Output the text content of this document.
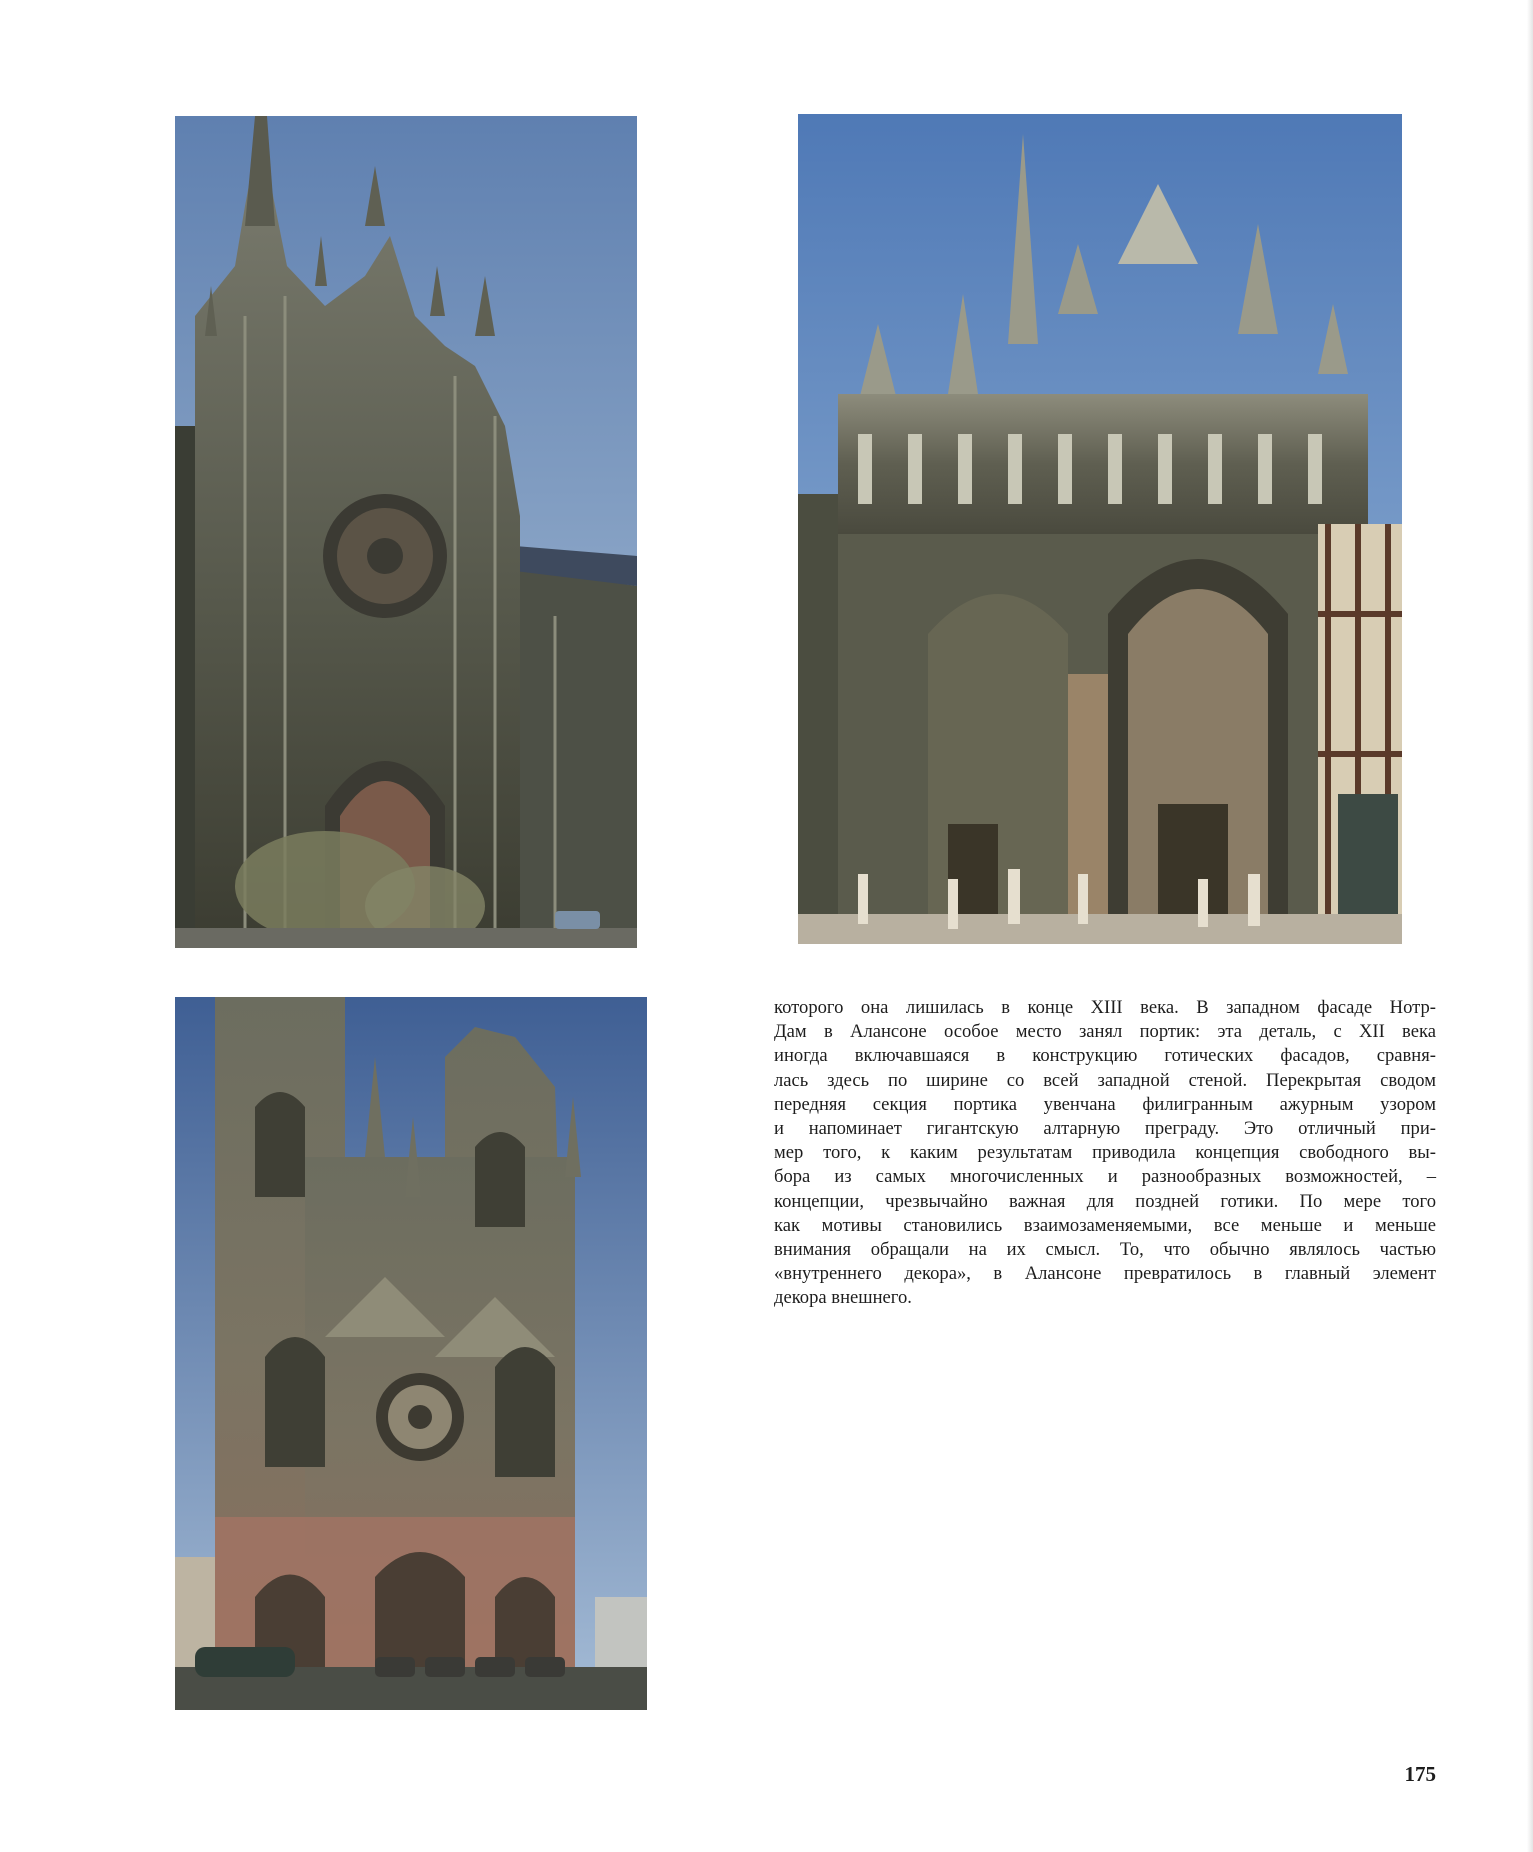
которого она лишилась в конце XIII века. В западном фасаде Нотр-
Дам в Алансоне особое место занял портик: эта деталь, с XII века
иногда включавшаяся в конструкцию готических фасадов, сравня-
лась здесь по ширине со всей западной стеной. Перекрытая сводом
передняя секция портика увенчана филигранным ажурным узором
и напоминает гигантскую алтарную преграду. Это отличный при-
мер того, к каким результатам приводила концепция свободного вы-
бора из самых многочисленных и разнообразных возможностей, –
концепции, чрезвычайно важная для поздней готики. По мере того
как мотивы становились взаимозаменяемыми, все меньше и меньше
внимания обращали на их смысл. То, что обычно являлось частью
«внутреннего декора», в Алансоне превратилось в главный элемент
декора внешнего.
175
